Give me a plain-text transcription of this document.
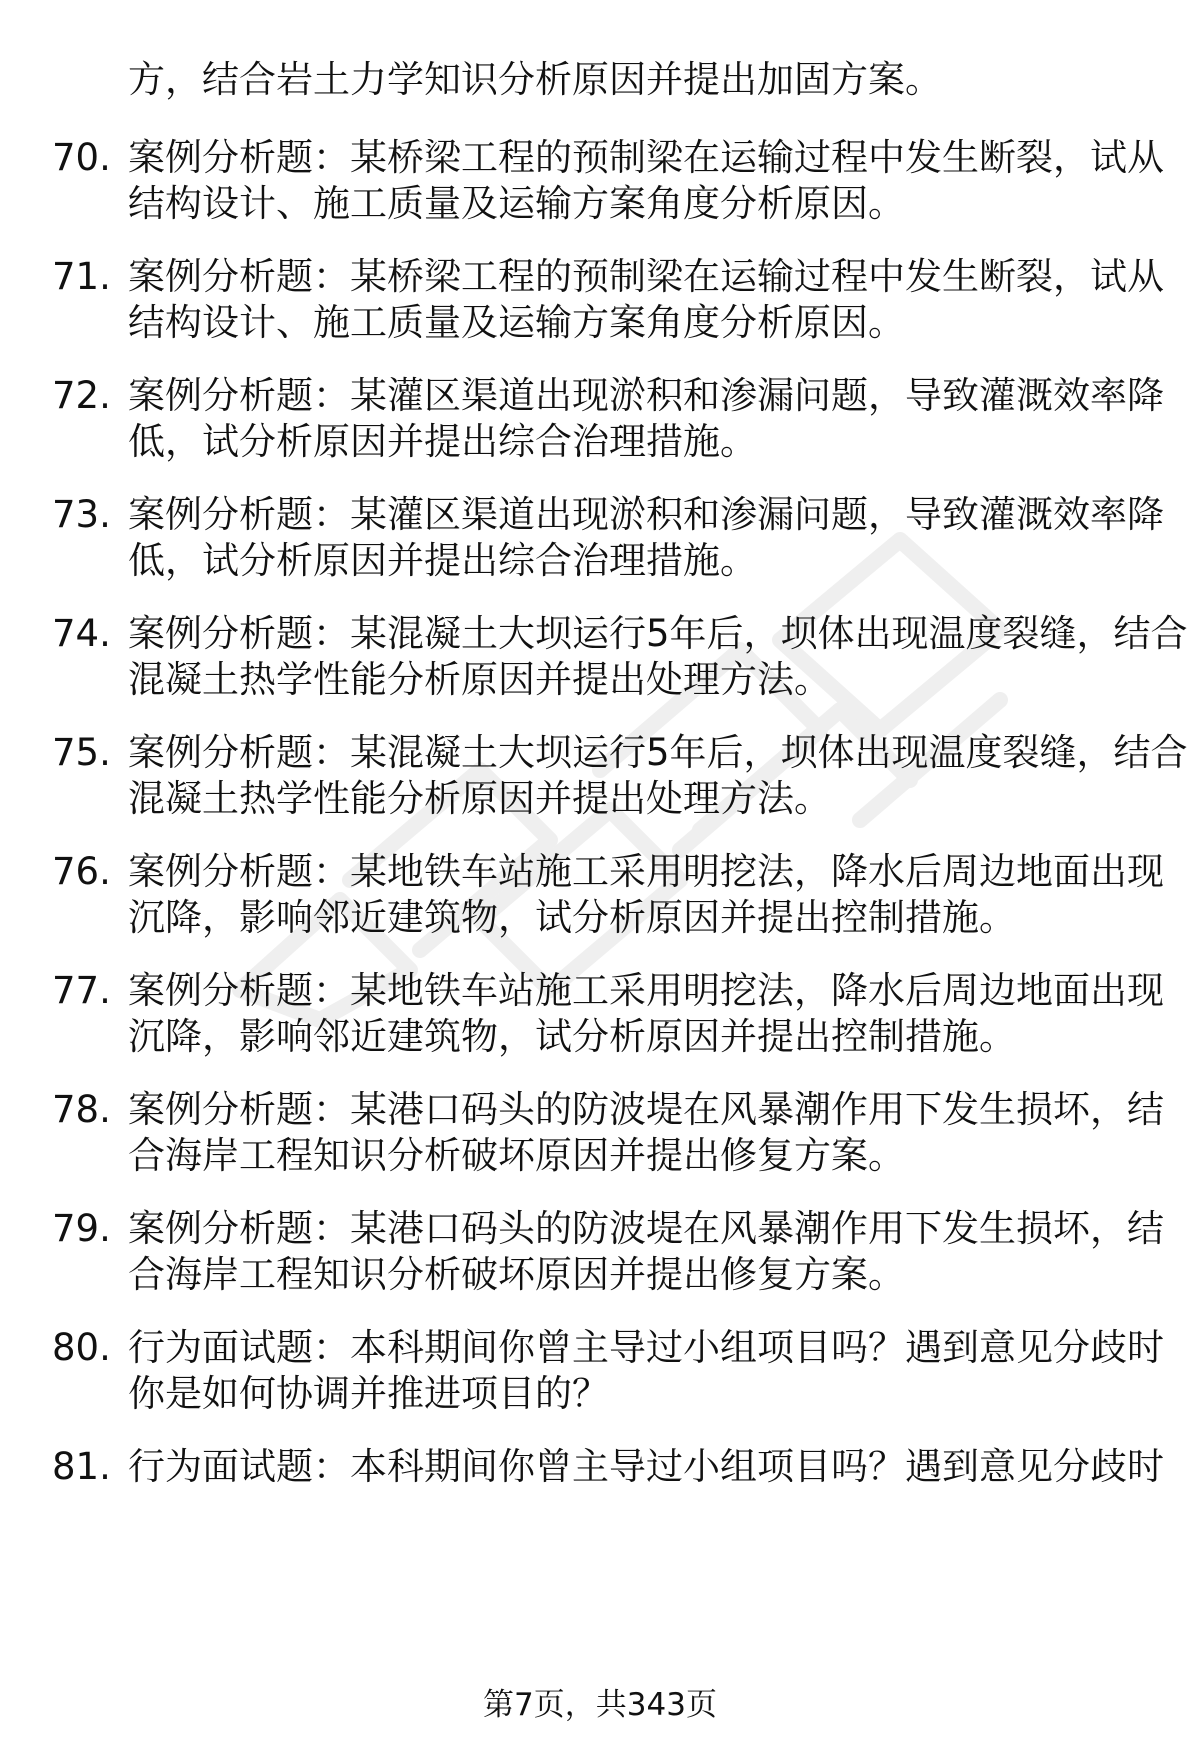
方，结合岩土力学知识分析原因并提出加固方案。
70. 案例分析题：某桥梁工程的预制梁在运输过程中发生断裂，试从
结构设计、施工质量及运输方案角度分析原因。
71. 案例分析题：某桥梁工程的预制梁在运输过程中发生断裂，试从
结构设计、施工质量及运输方案角度分析原因。
72. 案例分析题：某灌区渠道出现淤积和渗漏问题，导致灌溉效率降
低，试分析原因并提出综合治理措施。
73. 案例分析题：某灌区渠道出现淤积和渗漏问题，导致灌溉效率降
低，试分析原因并提出综合治理措施。
74. 案例分析题：某混凝土大坝运行5年后，坝体出现温度裂缝，结合
混凝土热学性能分析原因并提出处理方法。
75. 案例分析题：某混凝土大坝运行5年后，坝体出现温度裂缝，结合
混凝土热学性能分析原因并提出处理方法。
76. 案例分析题：某地铁车站施工采用明挖法，降水后周边地面出现
沉降，影响邻近建筑物，试分析原因并提出控制措施。
77. 案例分析题：某地铁车站施工采用明挖法，降水后周边地面出现
沉降，影响邻近建筑物，试分析原因并提出控制措施。
78. 案例分析题：某港口码头的防波堤在风暴潮作用下发生损坏，结
合海岸工程知识分析破坏原因并提出修复方案。
79. 案例分析题：某港口码头的防波堤在风暴潮作用下发生损坏，结
合海岸工程知识分析破坏原因并提出修复方案。
80. 行为面试题：本科期间你曾主导过小组项目吗？遇到意见分歧时
你是如何协调并推进项目的？
81. 行为面试题：本科期间你曾主导过小组项目吗？遇到意见分歧时
第7页，共343页
